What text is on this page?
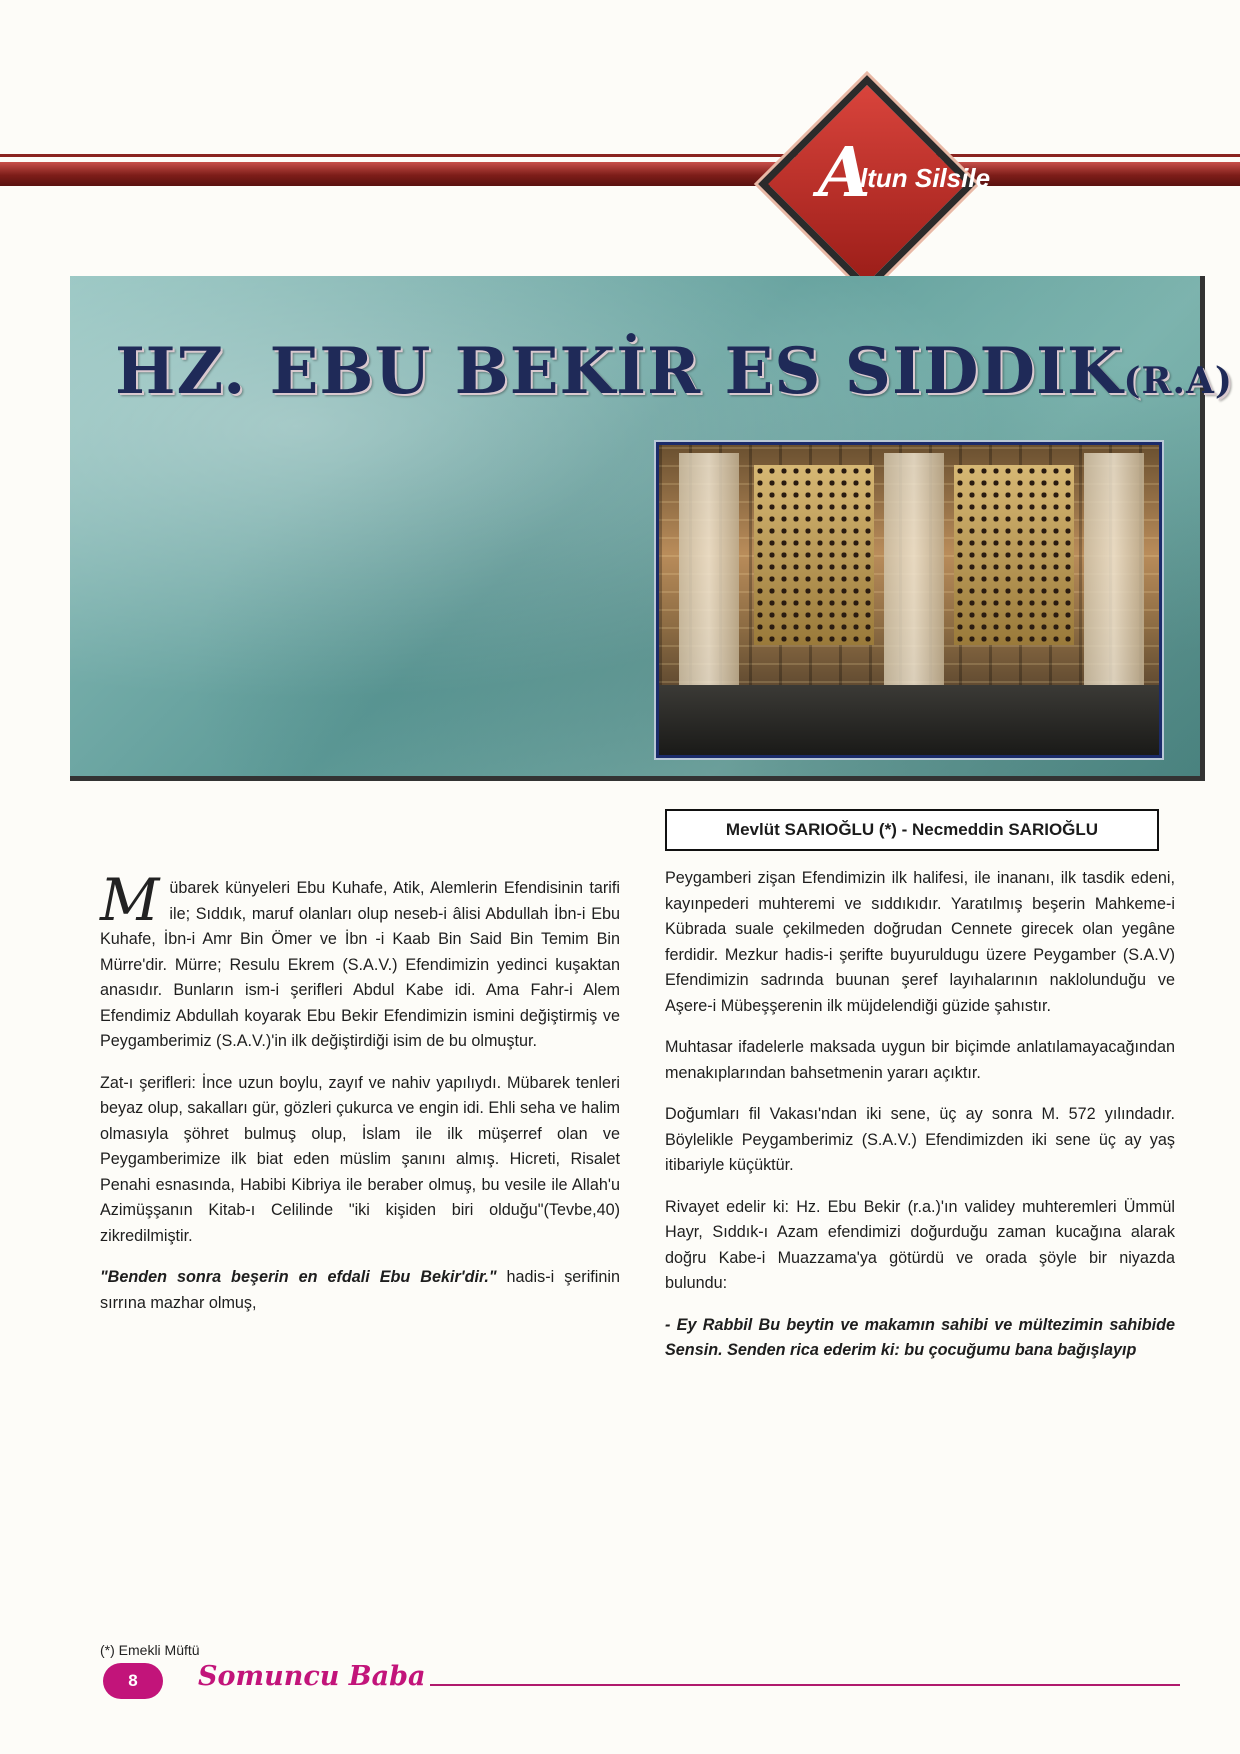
A
ltun Silsile
HZ. EBU BEKİR ES SIDDIK(R.A)
Mevlüt SARIOĞLU (*) - Necmeddin SARIOĞLU

Mübarek künyeleri Ebu Kuhafe, Atik, Alemlerin Efendisinin tarifi ile; Sıddık, maruf olanları olup neseb-i âlisi Abdullah İbn-i Ebu Kuhafe, İbn-i Amr Bin Ömer ve İbn -i Kaab Bin Said Bin Temim Bin Mürre'dir. Mürre; Resulu Ekrem (S.A.V.) Efendimizin yedinci kuşaktan anasıdır. Bunların ism-i şerifleri Abdul Kabe idi. Ama Fahr-i Alem Efendimiz Abdullah koyarak Ebu Bekir Efendimizin ismini değiştirmiş ve Peygamberimiz (S.A.V.)'in ilk değiştirdiği isim de bu olmuştur.

Zat-ı şerifleri: İnce uzun boylu, zayıf ve nahiv yapılıydı. Mübarek tenleri beyaz olup, sakalları gür, gözleri çukurca ve engin idi. Ehli seha ve halim olmasıyla şöhret bulmuş olup, İslam ile ilk müşerref olan ve Peygamberimize ilk biat eden müslim şanını almış. Hicreti, Risalet Penahi esnasında, Habibi Kibriya ile beraber olmuş, bu vesile ile Allah'u Azimüşşanın Kitab-ı Celilinde "iki kişiden biri olduğu"(Tevbe,40) zikredilmiştir.

"Benden sonra beşerin en efdali Ebu Bekir'dir." hadis-i şerifinin sırrına mazhar olmuş,

Peygamberi zişan Efendimizin ilk halifesi, ile inananı, ilk tasdik edeni, kayınpederi muhteremi ve sıddıkıdır. Yaratılmış beşerin Mahkeme-i Kübrada suale çekilmeden doğrudan Cennete girecek olan yegâne ferdidir. Mezkur hadis-i şerifte buyuruldugu üzere Peygamber (S.A.V) Efendimizin sadrında buunan şeref layıhalarının naklolunduğu ve Aşere-i Mübeşşerenin ilk müjdelendiği güzide şahıstır.

Muhtasar ifadelerle maksada uygun bir biçimde anlatılamayacağından menakıplarından bahsetmenin yararı açıktır.

Doğumları fil Vakası'ndan iki sene, üç ay sonra M. 572 yılındadır. Böylelikle Peygamberimiz (S.A.V.) Efendimizden iki sene üç ay yaş itibariyle küçüktür.

Rivayet edelir ki: Hz. Ebu Bekir (r.a.)'ın validey muhteremleri Ümmül Hayr, Sıddık-ı Azam efendimizi doğurduğu zaman kucağına alarak doğru Kabe-i Muazzama'ya götürdü ve orada şöyle bir niyazda bulundu:

- Ey Rabbil Bu beytin ve makamın sahibi ve mültezimin sahibide Sensin. Senden rica ederim ki: bu çocuğumu bana bağışlayıp

(*) Emekli Müftü
8	Somuncu Baba
